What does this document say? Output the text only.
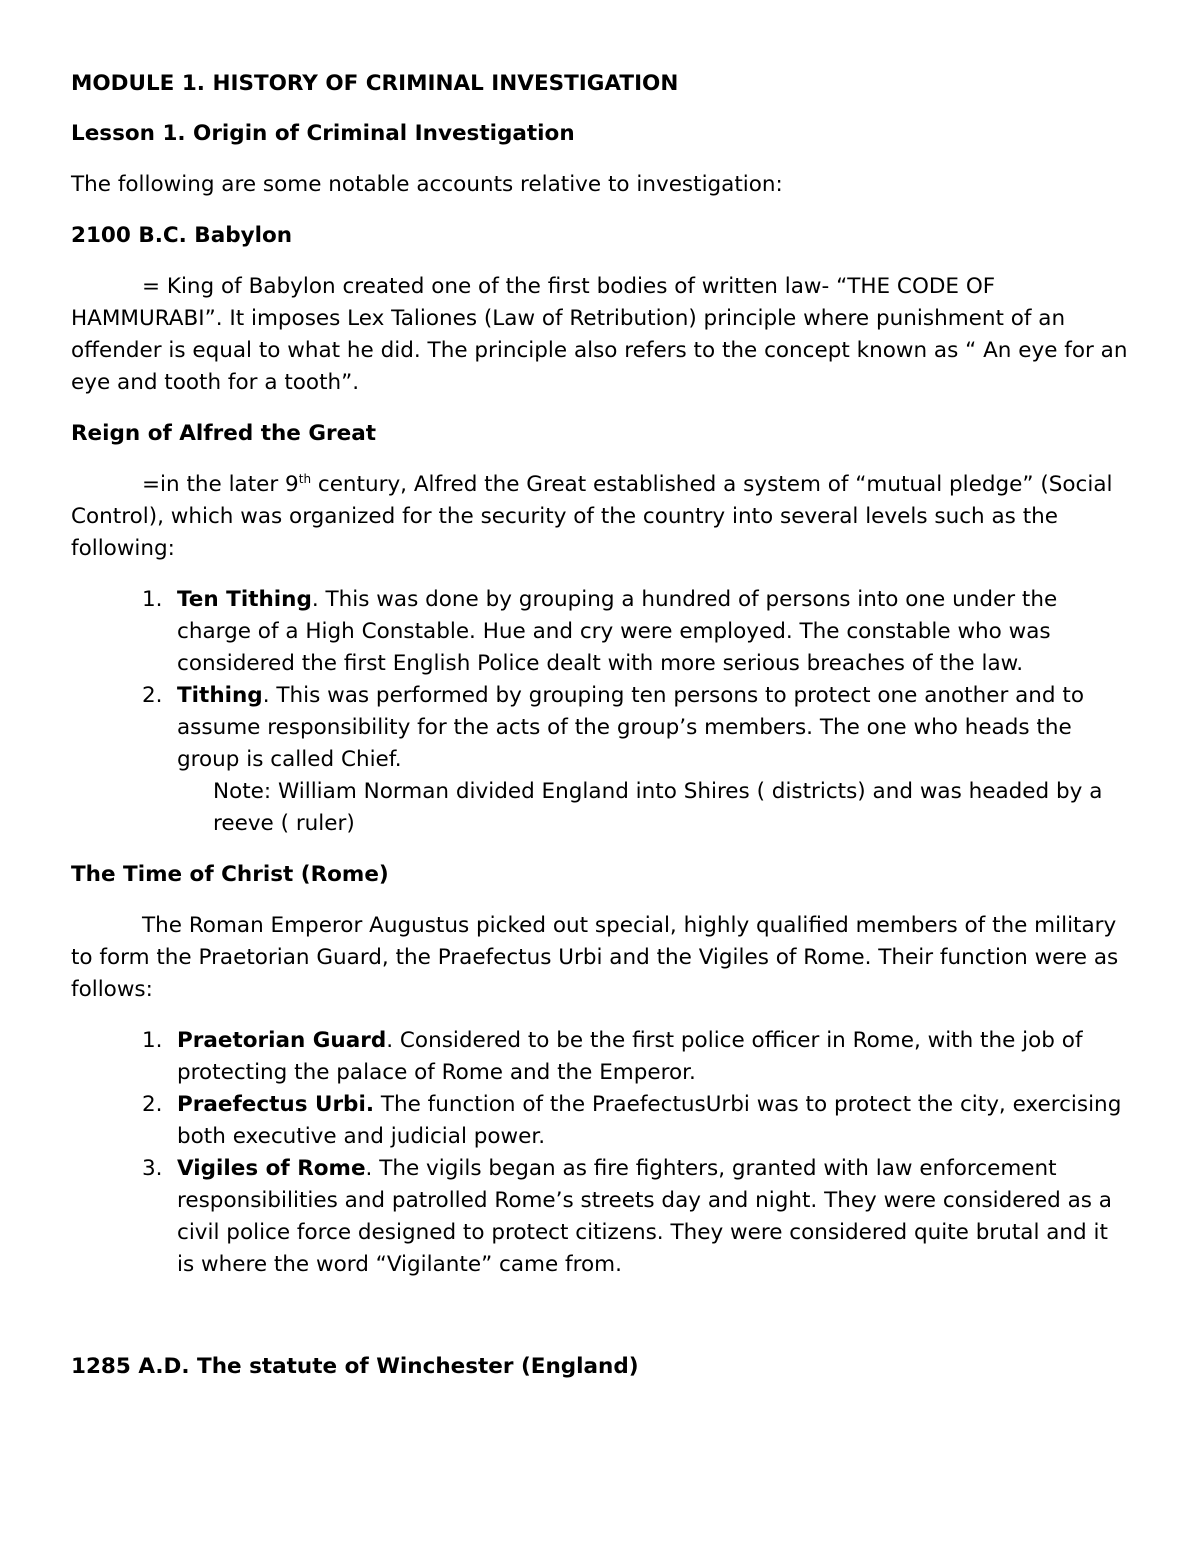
MODULE 1. HISTORY OF CRIMINAL INVESTIGATION
Lesson 1. Origin of Criminal Investigation

The following are some notable accounts relative to investigation:

2100 B.C. Babylon

= King of Babylon created one of the first bodies of written law- “THE CODE OF HAMMURABI”. It imposes Lex Taliones (Law of Retribution) principle where punishment of an offender is equal to what he did. The principle also refers to the concept known as “ An eye for an eye and tooth for a tooth”.

Reign of Alfred the Great

=in the later 9th century, Alfred the Great established a system of “mutual pledge” (Social Control), which was organized for the security of the country into several levels such as the following:

1. Ten Tithing. This was done by grouping a hundred of persons into one under the charge of a High Constable. Hue and cry were employed. The constable who was considered the first English Police dealt with more serious breaches of the law.
2. Tithing. This was performed by grouping ten persons to protect one another and to assume responsibility for the acts of the group’s members. The one who heads the group is called Chief.

Note: William Norman divided England into Shires ( districts) and was headed by a reeve ( ruler)

The Time of Christ (Rome)

The Roman Emperor Augustus picked out special, highly qualified members of the military to form the Praetorian Guard, the Praefectus Urbi and the Vigiles of Rome. Their function were as follows:

1. Praetorian Guard. Considered to be the first police officer in Rome, with the job of protecting the palace of Rome and the Emperor.
2. Praefectus Urbi. The function of the PraefectusUrbi was to protect the city, exercising both executive and judicial power.
3. Vigiles of Rome. The vigils began as fire fighters, granted with law enforcement responsibilities and patrolled Rome’s streets day and night. They were considered as a civil police force designed to protect citizens. They were considered quite brutal and it is where the word “Vigilante” came from.
1285 A.D. The statute of Winchester (England)
